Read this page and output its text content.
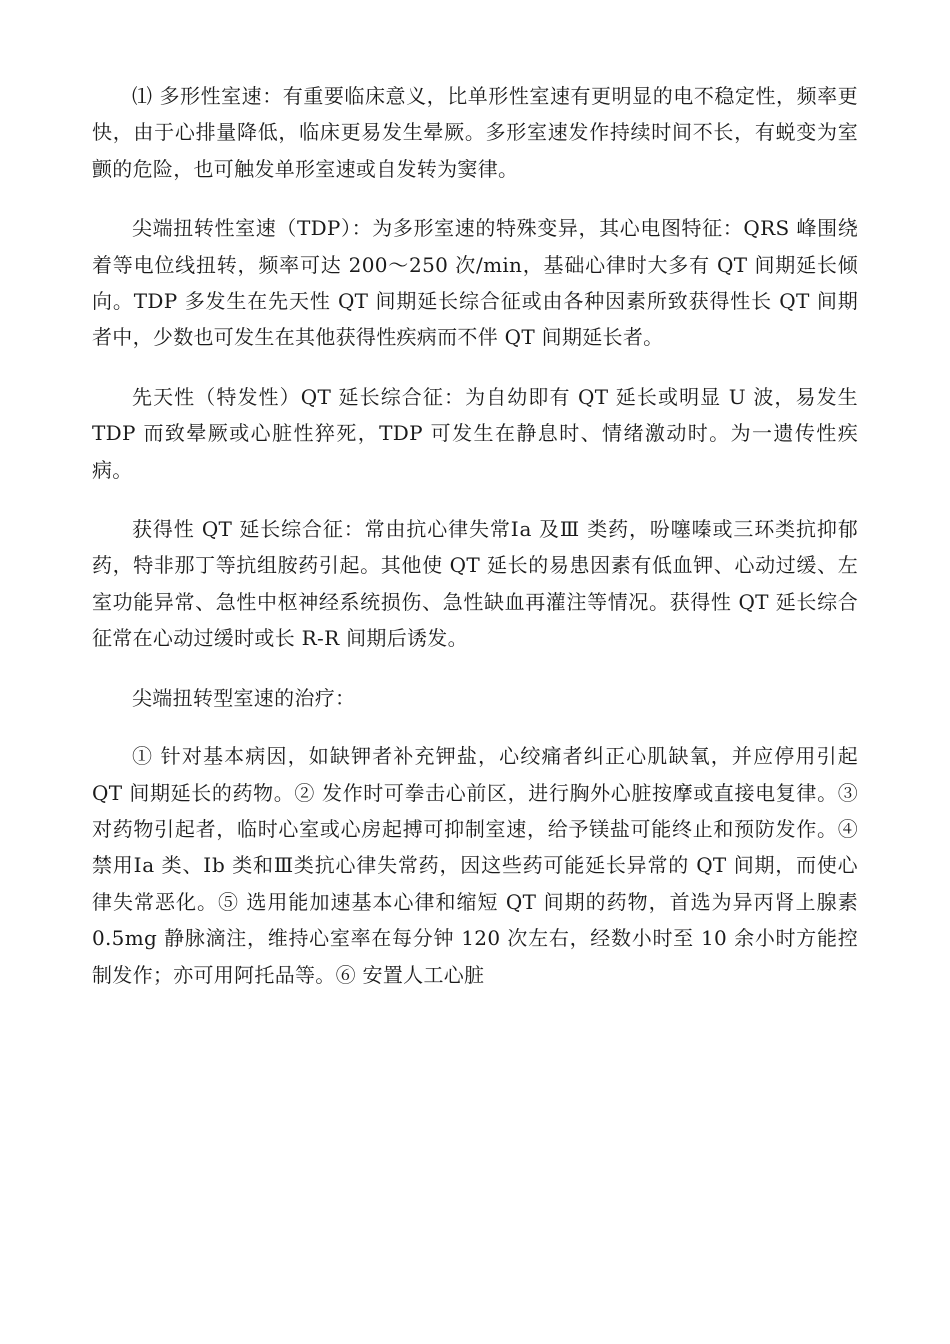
⑴ 多形性室速：有重要临床意义，比单形性室速有更明显的电不稳定性，频率更快，由于心排量降低，临床更易发生晕厥。多形室速发作持续时间不长，有蜕变为室颤的危险，也可触发单形室速或自发转为窦律。

尖端扭转性室速（TDP）：为多形室速的特殊变异，其心电图特征：QRS 峰围绕着等电位线扭转，频率可达 200～250 次/min，基础心律时大多有 QT 间期延长倾向。TDP 多发生在先天性 QT 间期延长综合征或由各种因素所致获得性长 QT 间期者中，少数也可发生在其他获得性疾病而不伴 QT 间期延长者。

先天性（特发性）QT 延长综合征：为自幼即有 QT 延长或明显 U 波，易发生 TDP 而致晕厥或心脏性猝死，TDP 可发生在静息时、情绪激动时。为一遗传性疾病。

获得性 QT 延长综合征：常由抗心律失常Ⅰa 及Ⅲ 类药，吩噻嗪或三环类抗抑郁药，特非那丁等抗组胺药引起。其他使 QT 延长的易患因素有低血钾、心动过缓、左室功能异常、急性中枢神经系统损伤、急性缺血再灌注等情况。获得性 QT 延长综合征常在心动过缓时或长 R-R 间期后诱发。

尖端扭转型室速的治疗：

① 针对基本病因，如缺钾者补充钾盐，心绞痛者纠正心肌缺氧，并应停用引起 QT 间期延长的药物。② 发作时可拳击心前区，进行胸外心脏按摩或直接电复律。③ 对药物引起者，临时心室或心房起搏可抑制室速，给予镁盐可能终止和预防发作。④ 禁用Ⅰa 类、Ⅰb 类和Ⅲ类抗心律失常药，因这些药可能延长异常的 QT 间期，而使心律失常恶化。⑤ 选用能加速基本心律和缩短 QT 间期的药物，首选为异丙肾上腺素 0.5mg 静脉滴注，维持心室率在每分钟 120 次左右，经数小时至 10 余小时方能控制发作；亦可用阿托品等。⑥ 安置人工心脏
